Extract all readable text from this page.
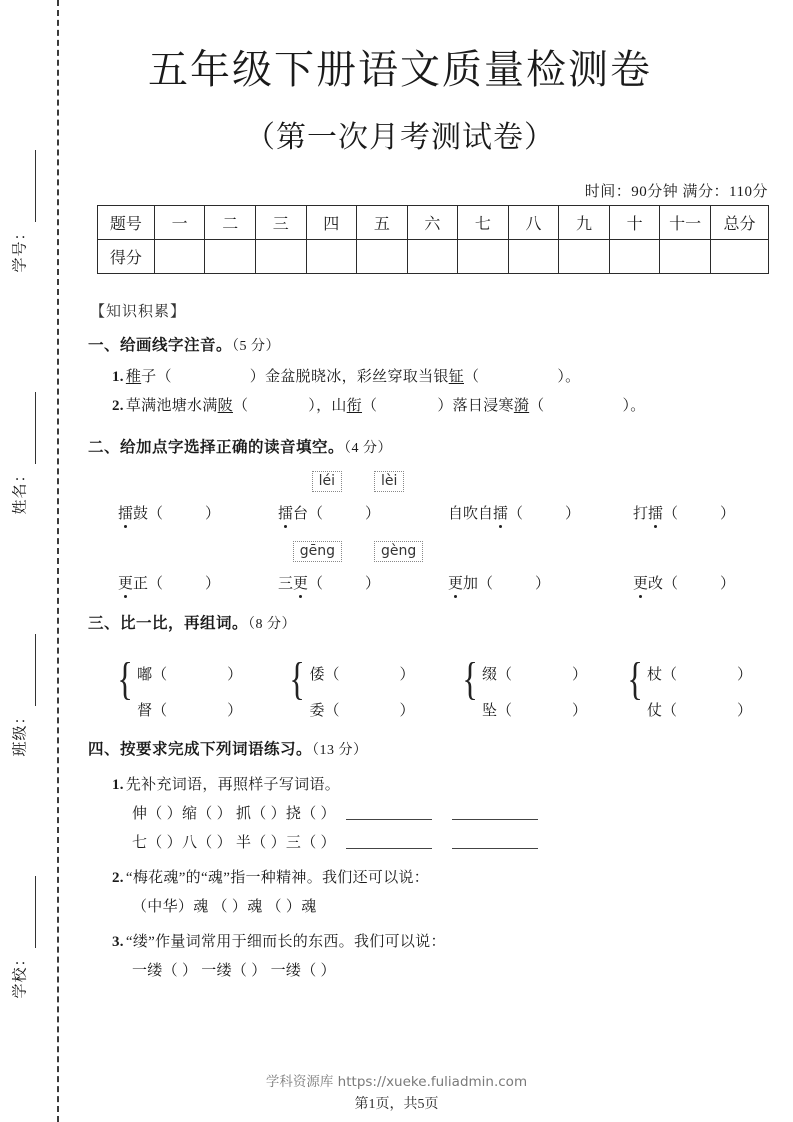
学号：
姓名：
班级：
学校：
五年级下册语文质量检测卷
（第一次月考测试卷）
时间：90分钟 满分：110分
题号	一	二	三	四	五	六	七	八	九	十	十一	总分
得分												
【知识积累】
一、给画线字注音。（5 分）
1. 稚子（	）金盆脱晓冰，彩丝穿取当银钲（	）。
2. 草满池塘水满陂（	），山衔（	）落日浸寒漪（	）。
二、给加点字选择正确的读音填空。（4 分）
léi	lèi
擂鼓（	）	擂台（	）	自吹自擂（	）	打擂（	）
gēng	gèng
更正（	）	三更（	）	更加（	）	更改（	）
三、比一比，再组词。（8 分）
{ 嘟（	）
督（	）
{ 倭（	）
委（	）
{ 缀（	）
坠（	）
{ 杖（	）
仗（	）
四、按要求完成下列词语练习。（13 分）
1. 先补充词语，再照样子写词语。
伸（ ）缩（ ） 抓（ ）挠（ ）
七（ ）八（ ） 半（ ）三（ ）
2. “梅花魂”的“魂”指一种精神。我们还可以说：
（中华）魂 （ ）魂 （ ）魂
3. “缕”作量词常用于细而长的东西。我们可以说：
一缕（ ） 一缕（ ） 一缕（ ）
学科资源库 https://xueke.fuliadmin.com
第1页，共5页
